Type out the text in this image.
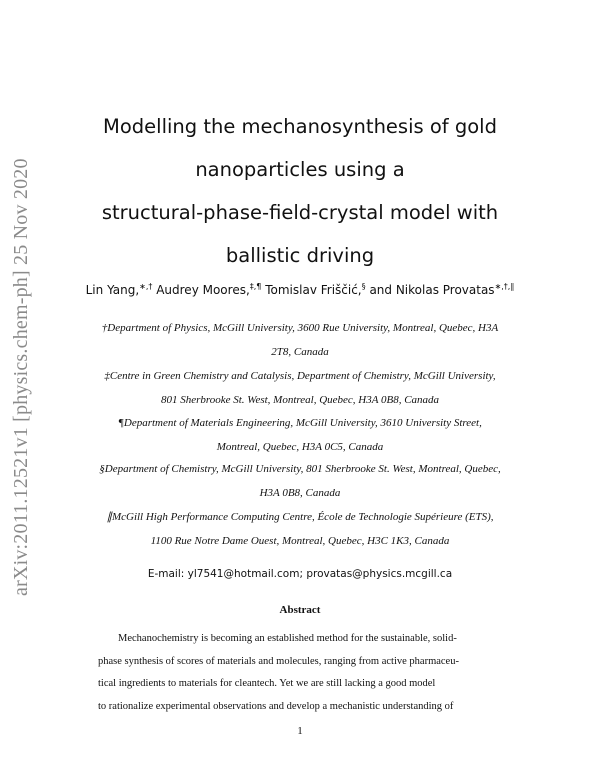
arXiv:2011.12521v1 [physics.chem-ph] 25 Nov 2020
Modelling the mechanosynthesis of gold
nanoparticles using a
structural-phase-field-crystal model with
ballistic driving
Lin Yang,∗,† Audrey Moores,‡,¶ Tomislav Friščić,§ and Nikolas Provatas∗,†,∥
†Department of Physics, McGill University, 3600 Rue University, Montreal, Quebec, H3A
2T8, Canada
‡Centre in Green Chemistry and Catalysis, Department of Chemistry, McGill University,
801 Sherbrooke St. West, Montreal, Quebec, H3A 0B8, Canada
¶Department of Materials Engineering, McGill University, 3610 University Street,
Montreal, Quebec, H3A 0C5, Canada
§Department of Chemistry, McGill University, 801 Sherbrooke St. West, Montreal, Quebec,
H3A 0B8, Canada
∥McGill High Performance Computing Centre, École de Technologie Supérieure (ETS),
1100 Rue Notre Dame Ouest, Montreal, Quebec, H3C 1K3, Canada
E-mail: yl7541@hotmail.com; provatas@physics.mcgill.ca
Abstract
Mechanochemistry is becoming an established method for the sustainable, solid-
phase synthesis of scores of materials and molecules, ranging from active pharmaceu-
tical ingredients to materials for cleantech. Yet we are still lacking a good model
to rationalize experimental observations and develop a mechanistic understanding of
1
